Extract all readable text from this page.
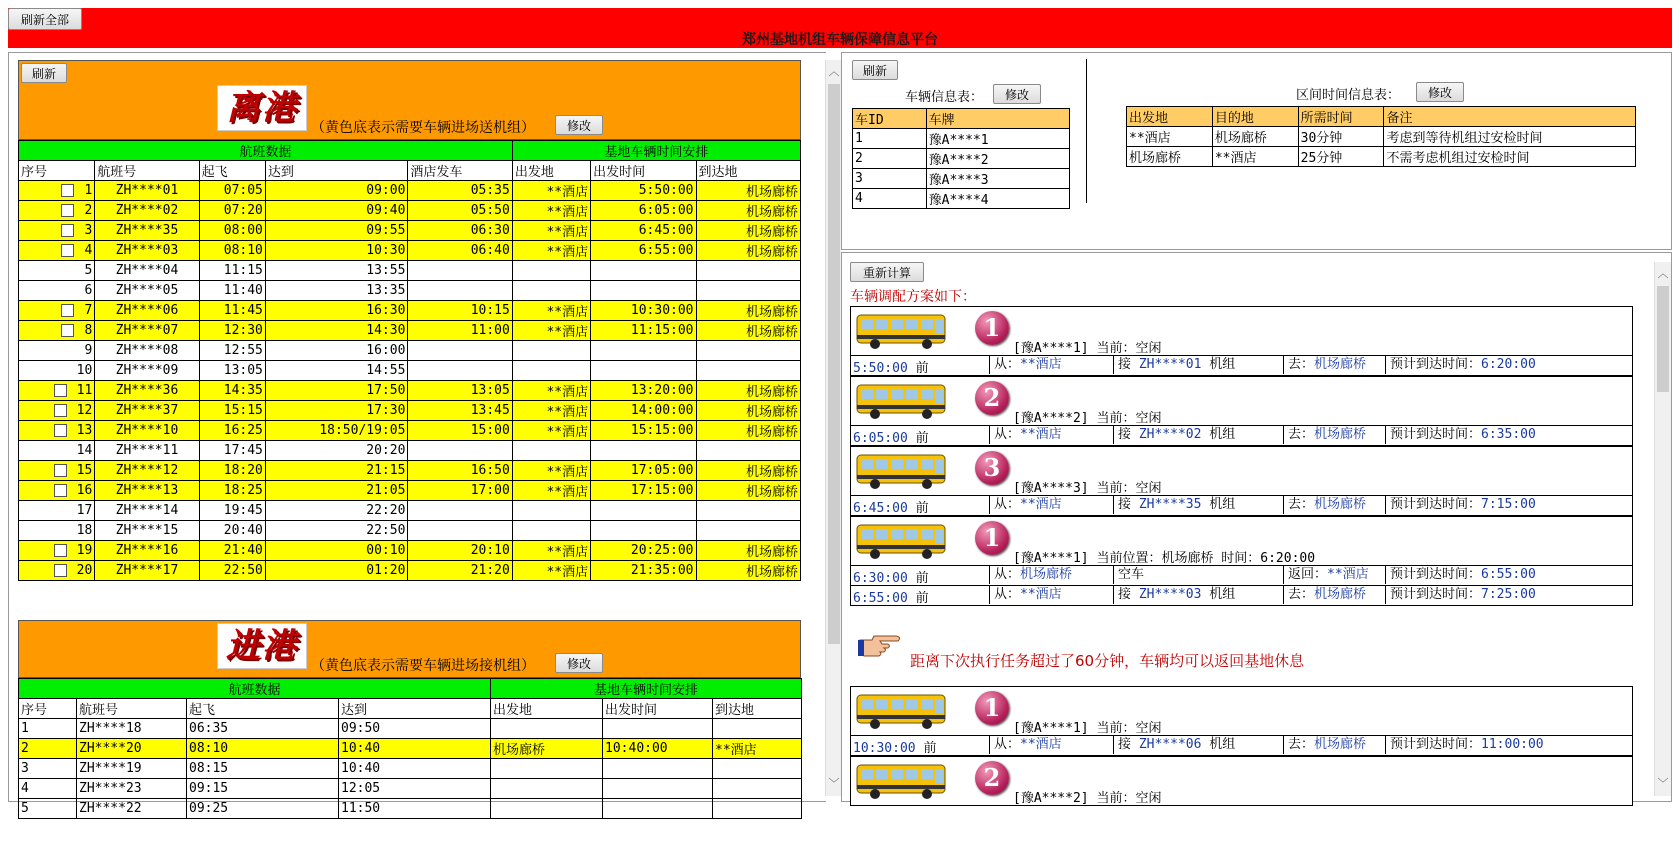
郑州基地机组车辆保障信息平台
刷新全部
刷新
离港 （黄色底表示需要车辆进场送机组）	修改
航班数据					基地车辆时间安排		
序号	航班号	起飞	达到	酒店发车	出发地	出发时间	到达地
1	ZH****01	07:05	09:00	05:35	**酒店	5:50:00	机场廊桥
2	ZH****02	07:20	09:40	05:50	**酒店	6:05:00	机场廊桥
3	ZH****35	08:00	09:55	06:30	**酒店	6:45:00	机场廊桥
4	ZH****03	08:10	10:30	06:40	**酒店	6:55:00	机场廊桥
5	ZH****04	11:15	13:55				
6	ZH****05	11:40	13:35				
7	ZH****06	11:45	16:30	10:15	**酒店	10:30:00	机场廊桥
8	ZH****07	12:30	14:30	11:00	**酒店	11:15:00	机场廊桥
9	ZH****08	12:55	16:00				
10	ZH****09	13:05	14:55				
11	ZH****36	14:35	17:50	13:05	**酒店	13:20:00	机场廊桥
12	ZH****37	15:15	17:30	13:45	**酒店	14:00:00	机场廊桥
13	ZH****10	16:25	18:50/19:05	15:00	**酒店	15:15:00	机场廊桥
14	ZH****11	17:45	20:20				
15	ZH****12	18:20	21:15	16:50	**酒店	17:05:00	机场廊桥
16	ZH****13	18:25	21:05	17:00	**酒店	17:15:00	机场廊桥
17	ZH****14	19:45	22:20				
18	ZH****15	20:40	22:50				
19	ZH****16	21:40	00:10	20:10	**酒店	20:25:00	机场廊桥
20	ZH****17	22:50	01:20	21:20	**酒店	21:35:00	机场廊桥
进港 （黄色底表示需要车辆进场接机组）	修改
航班数据				基地车辆时间安排		
序号	航班号	起飞	达到	出发地	出发时间	到达地
1	ZH****18	06:35	09:50			
2	ZH****20	08:10	10:40	机场廊桥	10:40:00	**酒店
3	ZH****19	08:15	10:40			
4	ZH****23	09:15	12:05			
5	ZH****22	09:25	11:50			
︿
﹀
刷新
车辆信息表：	修改
车ID	车牌
1	豫A****1
2	豫A****2
3	豫A****3
4	豫A****4
区间时间信息表：	修改
出发地	目的地	所需时间	备注
**酒店	机场廊桥	30分钟	考虑到等待机组过安检时间
机场廊桥	**酒店	25分钟	不需考虑机组过安检时间
重新计算
车辆调配方案如下：
1
[豫A****1] 当前：空闲
5:50:00 前	从：**酒店	接 ZH****01 机组	去：机场廊桥	预计到达时间：6:20:00
2
[豫A****2] 当前：空闲
6:05:00 前	从：**酒店	接 ZH****02 机组	去：机场廊桥	预计到达时间：6:35:00
3
[豫A****3] 当前：空闲
6:45:00 前	从：**酒店	接 ZH****35 机组	去：机场廊桥	预计到达时间：7:15:00
1
[豫A****1] 当前位置：机场廊桥 时间：6:20:00
6:30:00 前	从：机场廊桥	空车	返回：**酒店	预计到达时间：6:55:00
6:55:00 前	从：**酒店	接 ZH****03 机组	去：机场廊桥	预计到达时间：7:25:00
1
[豫A****1] 当前：空闲
10:30:00 前	从：**酒店	接 ZH****06 机组	去：机场廊桥	预计到达时间：11:00:00
2
[豫A****2] 当前：空闲
距离下次执行任务超过了60分钟，车辆均可以返回基地休息
︿
﹀
